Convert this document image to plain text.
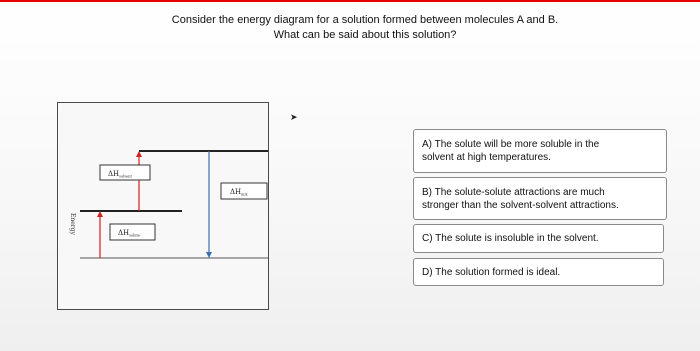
Consider the energy diagram for a solution formed between molecules A and B.
What can be said about this solution?
Energy
$\Delta H_{solvent}$
$\Delta H_{solute}$
$\Delta H_{mix}$
➤
A) The solute will be more soluble in the
solvent at high temperatures.
B) The solute-solute attractions are much
stronger than the solvent-solvent attractions.
C) The solute is insoluble in the solvent.
D) The solution formed is ideal.
